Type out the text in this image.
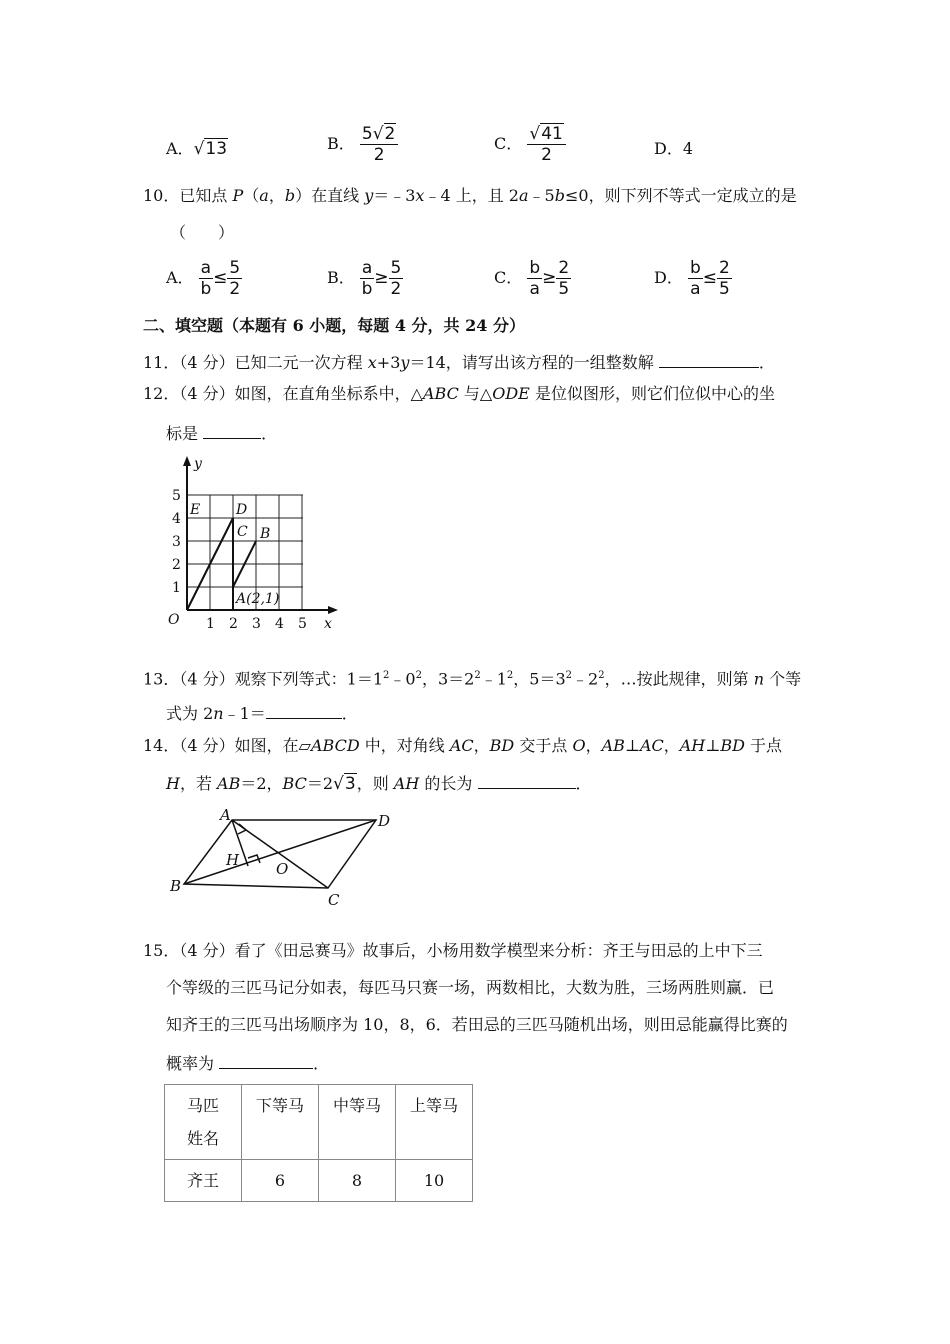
A．√13	B． $\frac{5√2}{2}$	C． $\frac{√41}{2}$	D．4
10．已知点 P（a，b）在直线 y＝﹣3x﹣4 上，且 2a﹣5b≤0，则下列不等式一定成立的是
（　　）
A． $\frac{a}{b} \le \frac{5}{2}$	B． $\frac{a}{b} \ge \frac{5}{2}$	C． $\frac{b}{a} \ge \frac{2}{5}$	D． $\frac{b}{a} \le \frac{2}{5}$
二、填空题（本题有 6 小题，每题 4 分，共 24 分）
11．（4 分）已知二元一次方程 x+3y＝14，请写出该方程的一组整数解	．
12．（4 分）如图，在直角坐标系中，△ABC 与△ODE 是位似图形，则它们位似中心的坐
标是	．
y
x
O 1 2 3 4 5
1
2
3
4
5
E	D
C B
A(2,1)
13．（4 分）观察下列等式：$1=1^2﹣0^2$，$3=2^2﹣1^2$，$5=3^2﹣2^2$，…按此规律，则第 n 个等
式为 2n﹣1＝	．
14．（4 分）如图，在▱ABCD 中，对角线 AC，BD 交于点 O，AB⊥AC，AH⊥BD 于点
H，若 AB＝2，BC＝2√3，则 AH 的长为	．
A
B
C
D
H O
15．（4 分）看了《田忌赛马》故事后，小杨用数学模型来分析：齐王与田忌的上中下三
个等级的三匹马记分如表，每匹马只赛一场，两数相比，大数为胜，三场两胜则赢．已
知齐王的三匹马出场顺序为 10，8，6．若田忌的三匹马随机出场，则田忌能赢得比赛的
概率为	．
马匹
姓名	下等马	中等马	上等马
齐王	6	8	10
